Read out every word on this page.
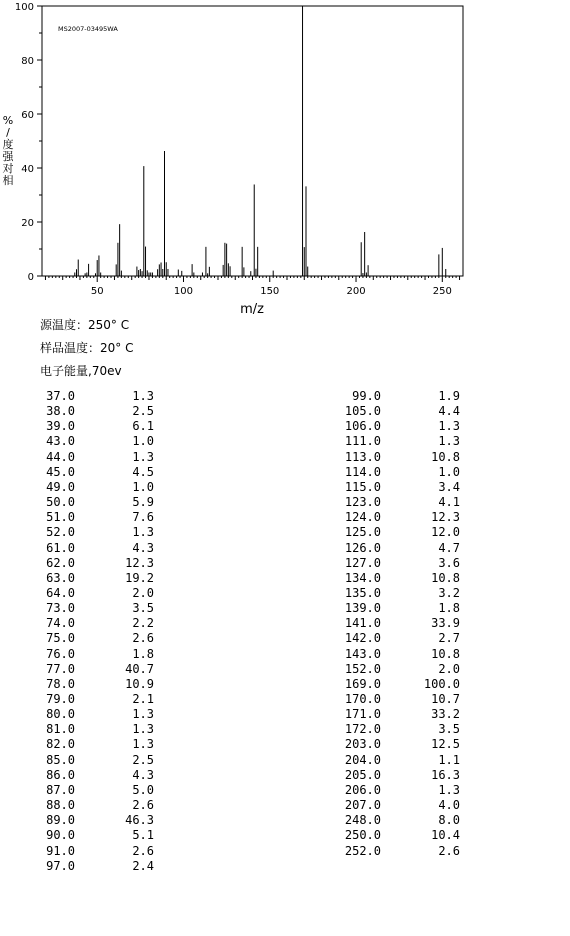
MS2007-03495WA
%
/
度
强
对
相
m/z
0
20
40
60
80
100
50	100	150	200	250
源温度：250° C
样品温度：20° C
电子能量,70ev
37.0	1.3
38.0	2.5
39.0	6.1
43.0	1.0
44.0	1.3
45.0	4.5
49.0	1.0
50.0	5.9
51.0	7.6
52.0	1.3
61.0	4.3
62.0	12.3
63.0	19.2
64.0	2.0
73.0	3.5
74.0	2.2
75.0	2.6
76.0	1.8
77.0	40.7
78.0	10.9
79.0	2.1
80.0	1.3
81.0	1.3
82.0	1.3
85.0	2.5
86.0	4.3
87.0	5.0
88.0	2.6
89.0	46.3
90.0	5.1
91.0	2.6
97.0	2.4
99.0	1.9
105.0	4.4
106.0	1.3
111.0	1.3
113.0	10.8
114.0	1.0
115.0	3.4
123.0	4.1
124.0	12.3
125.0	12.0
126.0	4.7
127.0	3.6
134.0	10.8
135.0	3.2
139.0	1.8
141.0	33.9
142.0	2.7
143.0	10.8
152.0	2.0
169.0	100.0
170.0	10.7
171.0	33.2
172.0	3.5
203.0	12.5
204.0	1.1
205.0	16.3
206.0	1.3
207.0	4.0
248.0	8.0
250.0	10.4
252.0	2.6
